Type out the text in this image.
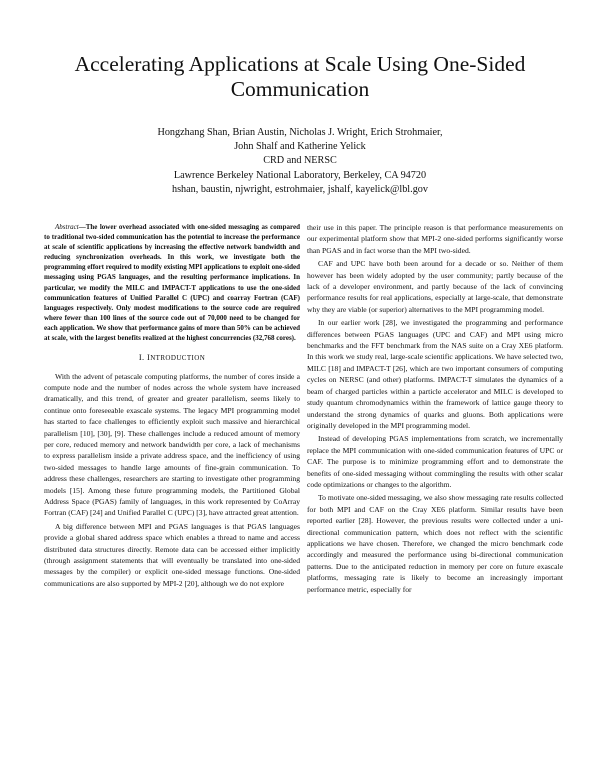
Accelerating Applications at Scale Using One-Sided
Communication
Hongzhang Shan, Brian Austin, Nicholas J. Wright, Erich Strohmaier,
John Shalf and Katherine Yelick
CRD and NERSC
Lawrence Berkeley National Laboratory, Berkeley, CA 94720
hshan, baustin, njwright, estrohmaier, jshalf, kayelick@lbl.gov

Abstract—The lower overhead associated with one-sided messaging as compared to traditional two-sided communication has the potential to increase the performance at scale of scientific applications by increasing the effective network bandwidth and reducing synchronization overheads. In this work, we investigate both the programming effort required to modify existing MPI applications to exploit one-sided messaging using PGAS languages, and the resulting performance implications. In particular, we modify the MILC and IMPACT-T applications to use the one-sided communication features of Unified Parallel C (UPC) and coarray Fortran (CAF) languages respectively. Only modest modifications to the source code are required where fewer than 100 lines of the source code out of 70,000 need to be changed for each application. We show that performance gains of more than 50% can be achieved at scale, with the largest benefits realized at the highest concurrencies (32,768 cores).

I. INTRODUCTION

With the advent of petascale computing platforms, the number of cores inside a compute node and the number of nodes across the whole system have increased dramatically, and this trend, of greater and greater parallelism, seems likely to continue onto foreseeable exascale systems. The legacy MPI programming model has started to face challenges to efficiently exploit such massive and hierarchical parallelism [10], [30], [9]. These challenges include a reduced amount of memory per core, reduced memory and network bandwidth per core, a lack of mechanisms to express parallelism inside a private address space, and the inefficiency of using two-sided messages to handle large amounts of fine-grain communication. To address these challenges, researchers are starting to investigate other programming models [15]. Among these future programming models, the Partitioned Global Address Space (PGAS) family of languages, in this work represented by CoArray Fortran (CAF) [24] and Unified Parallel C (UPC) [3], have attracted great attention.

A big difference between MPI and PGAS languages is that PGAS languages provide a global shared address space which enables a thread to name and access distributed data structures directly. Remote data can be accessed either implicitly (through assignment statements that will eventually be translated into one-sided messages by the compiler) or explicit one-sided message functions. One-sided communications are also supported by MPI-2 [20], although we do not explore

their use in this paper. The principle reason is that performance measurements on our experimental platform show that MPI-2 one-sided performs significantly worse than PGAS and in fact worse than the MPI two-sided.

CAF and UPC have both been around for a decade or so. Neither of them however has been widely adopted by the user community; partly because of the lack of a developer environment, and partly because of the lack of convincing performance results for real applications, especially at large-scale, that demonstrate why they are viable (or superior) alternatives to the MPI programming model.

In our earlier work [28], we investigated the programming and performance differences between PGAS languages (UPC and CAF) and MPI using micro benchmarks and the FFT benchmark from the NAS suite on a Cray XE6 platform. In this work we study real, large-scale scientific applications. We have selected two, MILC [18] and IMPACT-T [26], which are two important consumers of computing cycles on NERSC (and other) platforms. IMPACT-T simulates the dynamics of a beam of charged particles within a particle accelerator and MILC is developed to study quantum chromodynamics within the framework of lattice gauge theory to understand the strong dynamics of quarks and gluons. Both applications were originally developed in the MPI programming model.

Instead of developing PGAS implementations from scratch, we incrementally replace the MPI communication with one-sided communication features of UPC or CAF. The purpose is to minimize programming effort and to demonstrate the benefits of one-sided messaging without commingling the results with other scalar code optimizations or changes to the algorithm.

To motivate one-sided messaging, we also show messaging rate results collected for both MPI and CAF on the Cray XE6 platform. Similar results have been reported earlier [28]. However, the previous results were collected under a uni-directional communication pattern, which does not reflect with the scientific applications we have chosen. Therefore, we changed the micro benchmark code accordingly and measured the performance using bi-directional communication patterns. Due to the anticipated reduction in memory per core on future exascale platforms, messaging rate is likely to become an increasingly important performance metric, especially for
